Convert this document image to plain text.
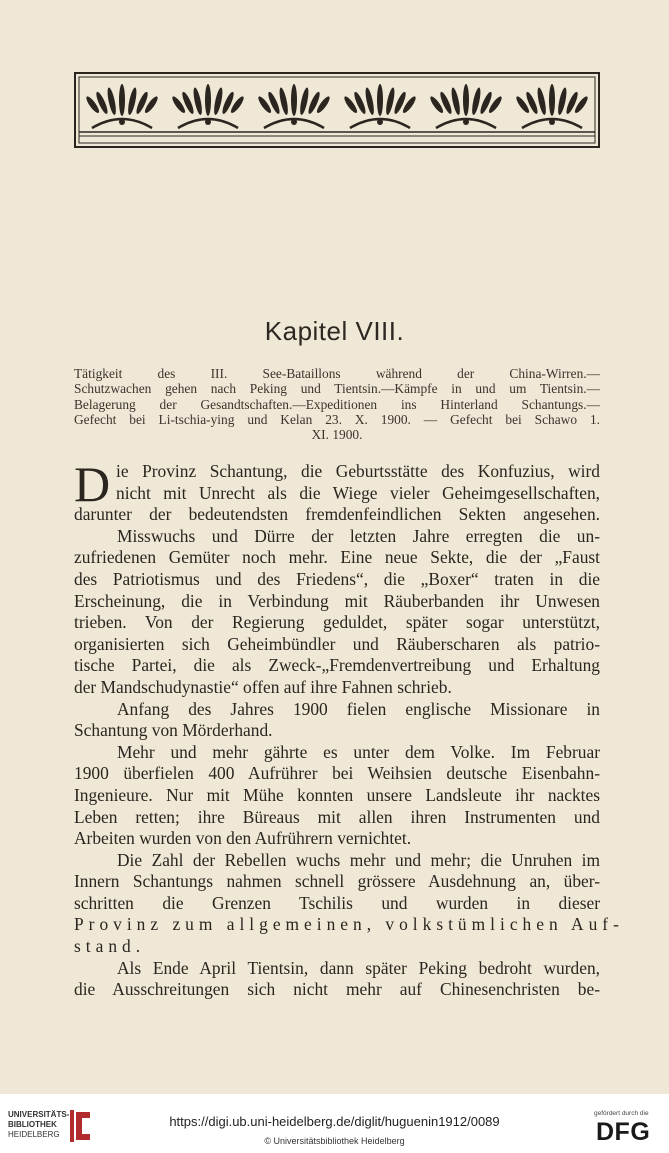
Kapitel VIII.
Tätigkeit des III. See-Bataillons während der China-Wirren.—
Schutzwachen gehen nach Peking und Tientsin.—Kämpfe in und um Tientsin.—
Belagerung der Gesandtschaften.—Expeditionen ins Hinterland Schantungs.—
Gefecht bei Li-tschia-ying und Kelan 23. X. 1900. — Gefecht bei Schawo 1.
XI. 1900.
D ie Provinz Schantung, die Geburtsstätte des Konfuzius, wird
nicht mit Unrecht als die Wiege vieler Geheimgesellschaften,
darunter der bedeutendsten fremdenfeindlichen Sekten angesehen.
Misswuchs und Dürre der letzten Jahre erregten die un-
zufriedenen Gemüter noch mehr. Eine neue Sekte, die der „Faust
des Patriotismus und des Friedens“, die „Boxer“ traten in die
Erscheinung, die in Verbindung mit Räuberbanden ihr Unwesen
trieben. Von der Regierung geduldet, später sogar unterstützt,
organisierten sich Geheimbündler und Räuberscharen als patrio-
tische Partei, die als Zweck-„Fremdenvertreibung und Erhaltung
der Mandschudynastie“ offen auf ihre Fahnen schrieb.
Anfang des Jahres 1900 fielen englische Missionare in
Schantung von Mörderhand.
Mehr und mehr gährte es unter dem Volke. Im Februar
1900 überfielen 400 Aufrührer bei Weihsien deutsche Eisenbahn-
Ingenieure. Nur mit Mühe konnten unsere Landsleute ihr nacktes
Leben retten; ihre Büreaus mit allen ihren Instrumenten und
Arbeiten wurden von den Aufrührern vernichtet.
Die Zahl der Rebellen wuchs mehr und mehr; die Unruhen im
Innern Schantungs nahmen schnell grössere Ausdehnung an, über-
schritten die Grenzen Tschilis und wurden in dieser
Provinz zum allgemeinen, volkstümlichen Auf-
stand.
Als Ende April Tientsin, dann später Peking bedroht wurden,
die Ausschreitungen sich nicht mehr auf Chinesenchristen be-
UNIVERSITÄTS-
BIBLIOTHEK
HEIDELBERG
https://digi.ub.uni-heidelberg.de/diglit/huguenin1912/0089
© Universitätsbibliothek Heidelberg
gefördert durch die
DFG
